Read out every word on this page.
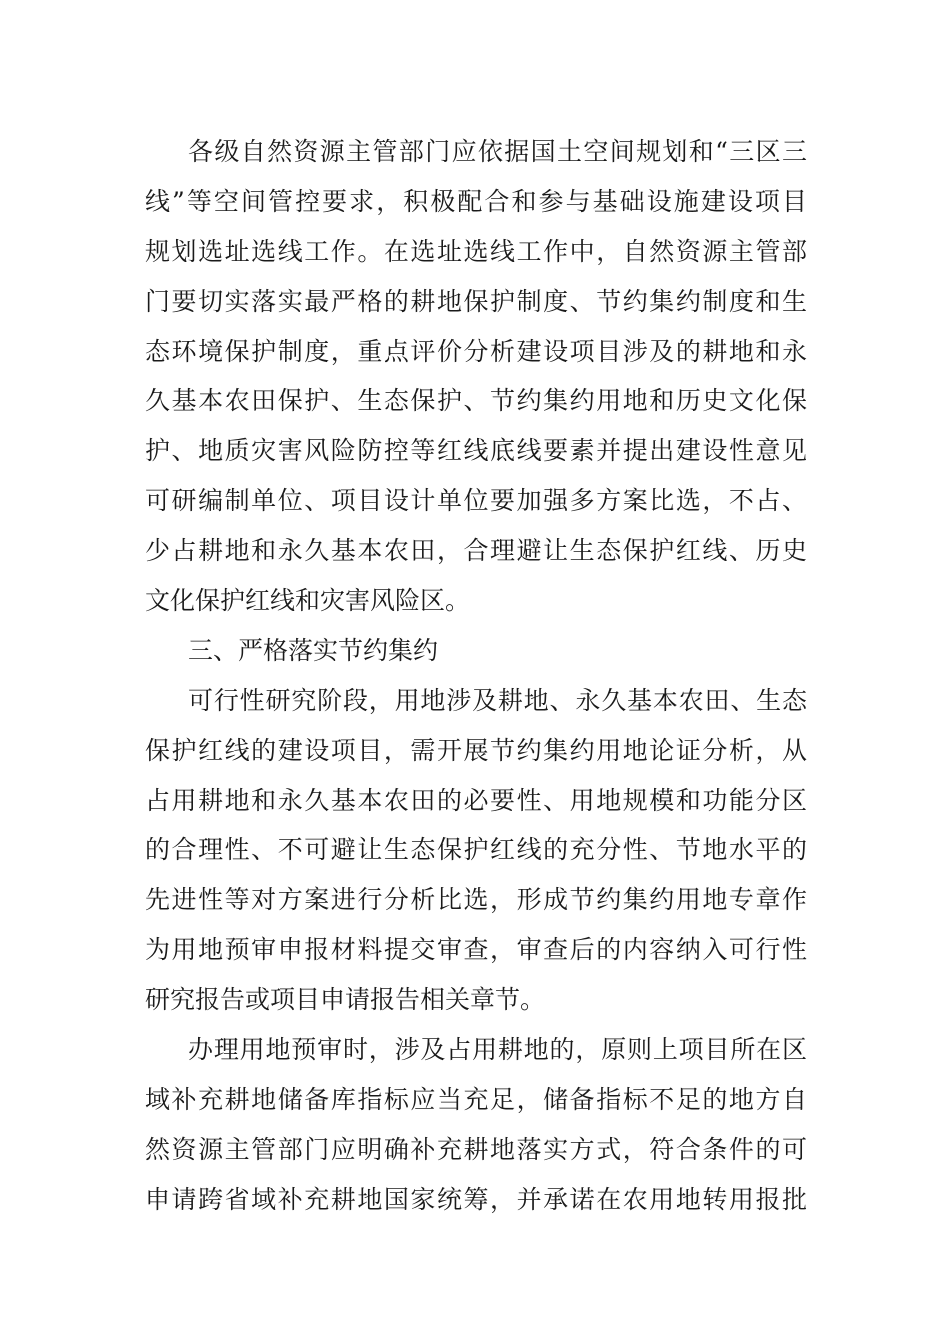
各级自然资源主管部门应依据国土空间规划和“三区三
线”等空间管控要求，积极配合和参与基础设施建设项目
规划选址选线工作。在选址选线工作中，自然资源主管部
门要切实落实最严格的耕地保护制度、节约集约制度和生
态环境保护制度，重点评价分析建设项目涉及的耕地和永
久基本农田保护、生态保护、节约集约用地和历史文化保
护、地质灾害风险防控等红线底线要素并提出建设性意见
可研编制单位、项目设计单位要加强多方案比选，不占、
少占耕地和永久基本农田，合理避让生态保护红线、历史
文化保护红线和灾害风险区。
三、严格落实节约集约
可行性研究阶段，用地涉及耕地、永久基本农田、生态
保护红线的建设项目，需开展节约集约用地论证分析，从
占用耕地和永久基本农田的必要性、用地规模和功能分区
的合理性、不可避让生态保护红线的充分性、节地水平的
先进性等对方案进行分析比选，形成节约集约用地专章作
为用地预审申报材料提交审查，审查后的内容纳入可行性
研究报告或项目申请报告相关章节。
办理用地预审时，涉及占用耕地的，原则上项目所在区
域补充耕地储备库指标应当充足，储备指标不足的地方自
然资源主管部门应明确补充耕地落实方式，符合条件的可
申请跨省域补充耕地国家统筹，并承诺在农用地转用报批
